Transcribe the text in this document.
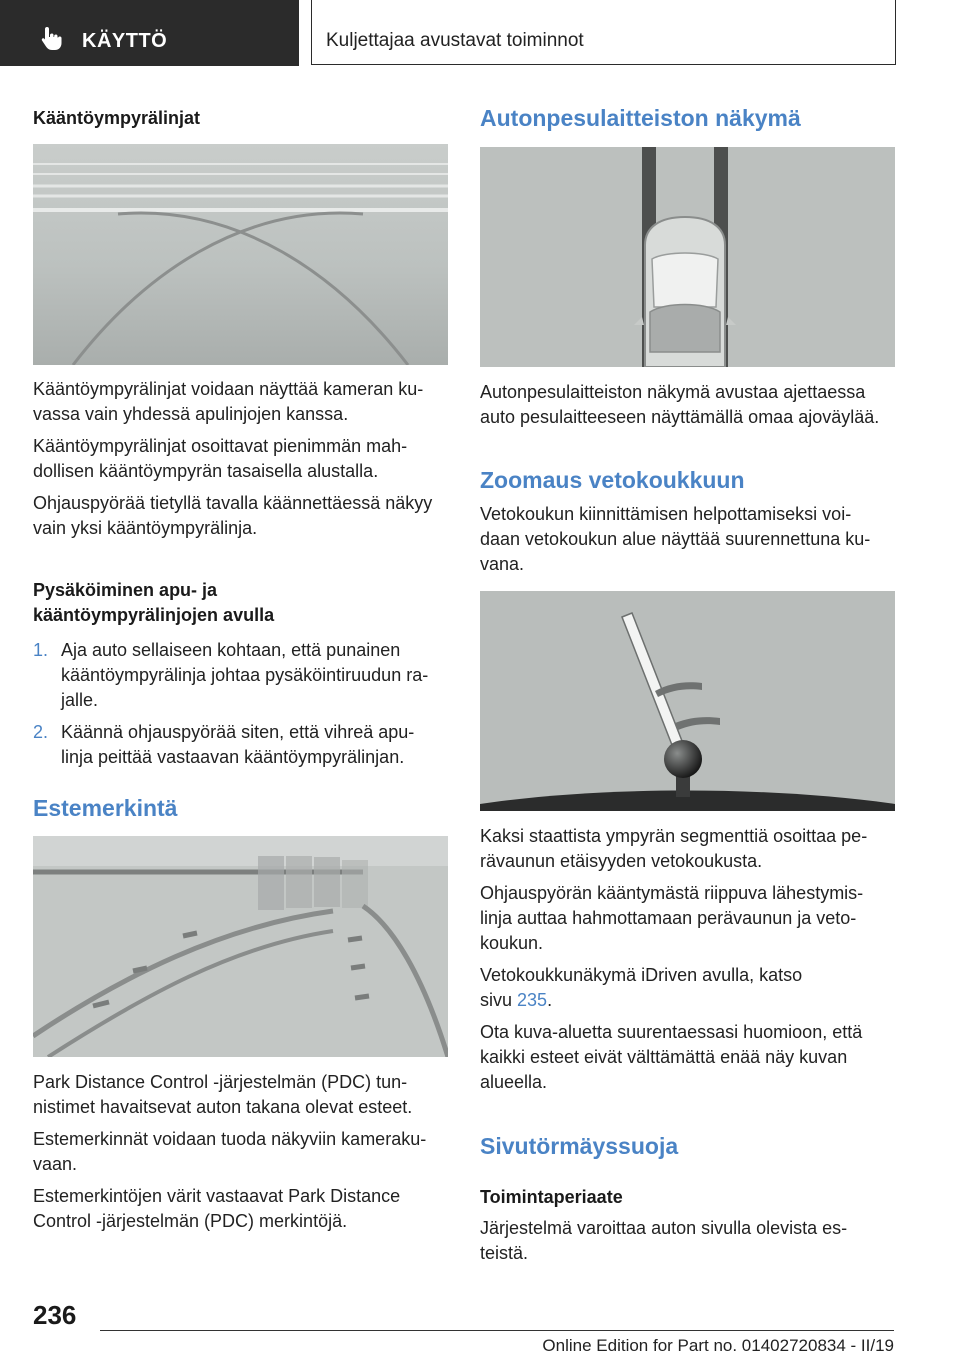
KÄYTTÖ	Kuljettajaa avustavat toiminnot
Kääntöympyrälinjat
Kääntöympyrälinjat voidaan näyttää kameran ku-
vassa vain yhdessä apulinjojen kanssa.
Kääntöympyrälinjat osoittavat pienimmän mah-
dollisen kääntöympyrän tasaisella alustalla.
Ohjauspyörää tietyllä tavalla käännettäessä näkyy
vain yksi kääntöympyrälinja.
Pysäköiminen apu- ja
kääntöympyrälinjojen avulla
1. Aja auto sellaiseen kohtaan, että punainen
kääntöympyrälinja johtaa pysäköintiruudun ra-
jalle.
2. Käännä ohjauspyörää siten, että vihreä apu-
linja peittää vastaavan kääntöympyrälinjan.
Estemerkintä
Park Distance Control -järjestelmän (PDC) tun-
nistimet havaitsevat auton takana olevat esteet.
Estemerkinnät voidaan tuoda näkyviin kameraku-
vaan.
Estemerkintöjen värit vastaavat Park Distance
Control -järjestelmän (PDC) merkintöjä.
Autonpesulaitteiston näkymä
Autonpesulaitteiston näkymä avustaa ajettaessa
auto pesulaitteeseen näyttämällä omaa ajoväylää.
Zoomaus vetokoukkuun
Vetokoukun kiinnittämisen helpottamiseksi voi-
daan vetokoukun alue näyttää suurennettuna ku-
vana.
Kaksi staattista ympyrän segmenttiä osoittaa pe-
rävaunun etäisyyden vetokoukusta.
Ohjauspyörän kääntymästä riippuva lähestymis-
linja auttaa hahmottamaan perävaunun ja veto-
koukun.
Vetokoukkunäkymä iDriven avulla, katso
sivu 235.
Ota kuva-aluetta suurentaessasi huomioon, että
kaikki esteet eivät välttämättä enää näy kuvan
alueella.
Sivutörmäyssuoja
Toimintaperiaate
Järjestelmä varoittaa auton sivulla olevista es-
teistä.
236
Online Edition for Part no. 01402720834 - II/19
